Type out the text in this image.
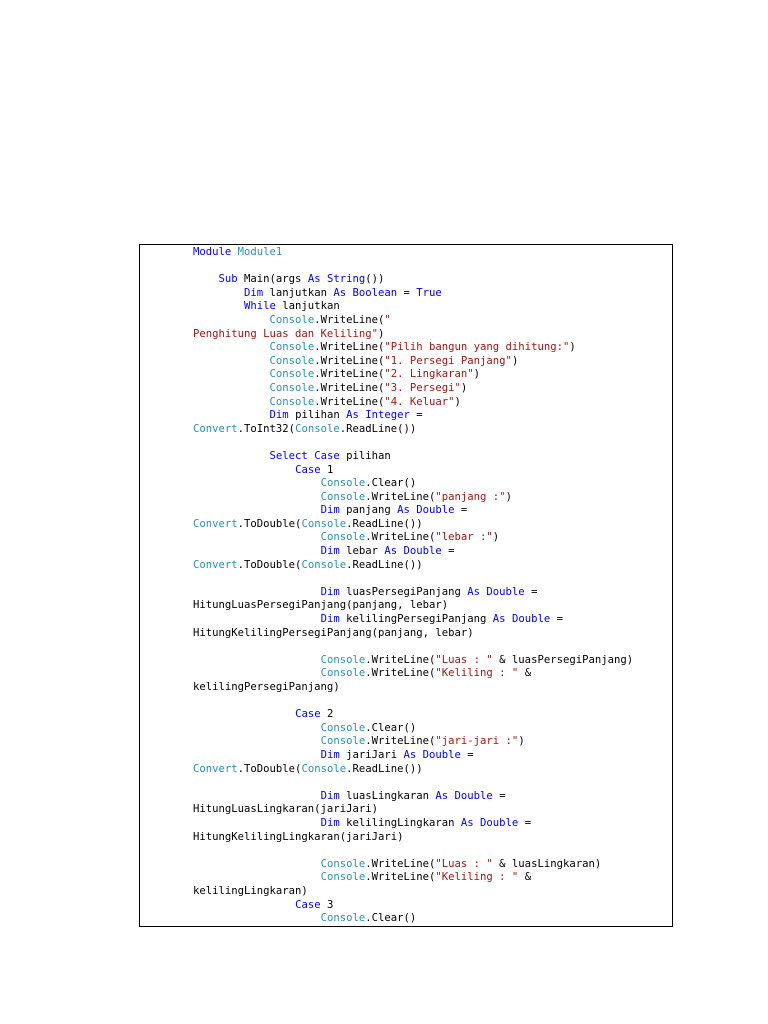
Module Module1

Sub Main(args As String())
Dim lanjutkan As Boolean = True
While lanjutkan
Console.WriteLine("
Penghitung Luas dan Keliling")
Console.WriteLine("Pilih bangun yang dihitung:")
Console.WriteLine("1. Persegi Panjang")
Console.WriteLine("2. Lingkaran")
Console.WriteLine("3. Persegi")
Console.WriteLine("4. Keluar")
Dim pilihan As Integer =
Convert.ToInt32(Console.ReadLine())

Select Case pilihan
Case 1
Console.Clear()
Console.WriteLine("panjang :")
Dim panjang As Double =
Convert.ToDouble(Console.ReadLine())
Console.WriteLine("lebar :")
Dim lebar As Double =
Convert.ToDouble(Console.ReadLine())

Dim luasPersegiPanjang As Double =
HitungLuasPersegiPanjang(panjang, lebar)
Dim kelilingPersegiPanjang As Double =
HitungKelilingPersegiPanjang(panjang, lebar)

Console.WriteLine("Luas : " & luasPersegiPanjang)
Console.WriteLine("Keliling : " &
kelilingPersegiPanjang)

Case 2
Console.Clear()
Console.WriteLine("jari-jari :")
Dim jariJari As Double =
Convert.ToDouble(Console.ReadLine())

Dim luasLingkaran As Double =
HitungLuasLingkaran(jariJari)
Dim kelilingLingkaran As Double =
HitungKelilingLingkaran(jariJari)

Console.WriteLine("Luas : " & luasLingkaran)
Console.WriteLine("Keliling : " &
kelilingLingkaran)
Case 3
Console.Clear()
